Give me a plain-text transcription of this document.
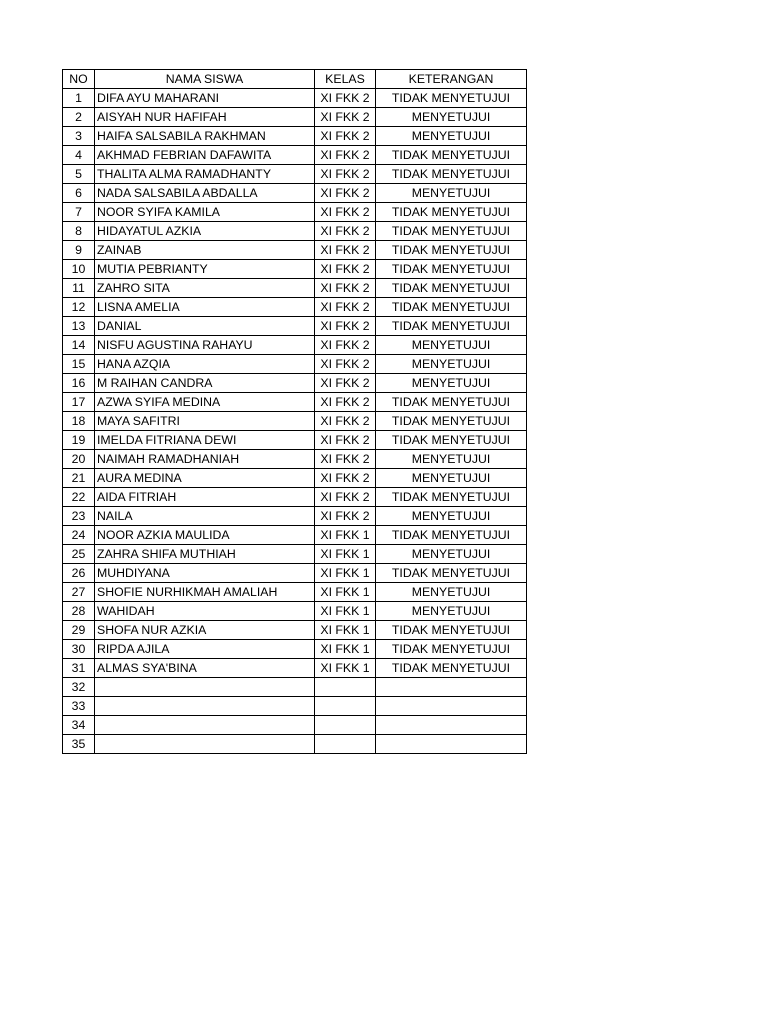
NO	NAMA SISWA	KELAS	KETERANGAN
1	DIFA AYU MAHARANI	XI FKK 2	TIDAK MENYETUJUI
2	AISYAH NUR HAFIFAH	XI FKK 2	MENYETUJUI
3	HAIFA SALSABILA RAKHMAN	XI FKK 2	MENYETUJUI
4	AKHMAD FEBRIAN DAFAWITA	XI FKK 2	TIDAK MENYETUJUI
5	THALITA ALMA RAMADHANTY	XI FKK 2	TIDAK MENYETUJUI
6	NADA SALSABILA ABDALLA	XI FKK 2	MENYETUJUI
7	NOOR SYIFA KAMILA	XI FKK 2	TIDAK MENYETUJUI
8	HIDAYATUL AZKIA	XI FKK 2	TIDAK MENYETUJUI
9	ZAINAB	XI FKK 2	TIDAK MENYETUJUI
10	MUTIA PEBRIANTY	XI FKK 2	TIDAK MENYETUJUI
11	ZAHRO SITA	XI FKK 2	TIDAK MENYETUJUI
12	LISNA AMELIA	XI FKK 2	TIDAK MENYETUJUI
13	DANIAL	XI FKK 2	TIDAK MENYETUJUI
14	NISFU AGUSTINA RAHAYU	XI FKK 2	MENYETUJUI
15	HANA AZQIA	XI FKK 2	MENYETUJUI
16	M RAIHAN CANDRA	XI FKK 2	MENYETUJUI
17	AZWA SYIFA MEDINA	XI FKK 2	TIDAK MENYETUJUI
18	MAYA SAFITRI	XI FKK 2	TIDAK MENYETUJUI
19	IMELDA FITRIANA DEWI	XI FKK 2	TIDAK MENYETUJUI
20	NAIMAH RAMADHANIAH	XI FKK 2	MENYETUJUI
21	AURA MEDINA	XI FKK 2	MENYETUJUI
22	AIDA FITRIAH	XI FKK 2	TIDAK MENYETUJUI
23	NAILA	XI FKK 2	MENYETUJUI
24	NOOR AZKIA MAULIDA	XI FKK 1	TIDAK MENYETUJUI
25	ZAHRA SHIFA MUTHIAH	XI FKK 1	MENYETUJUI
26	MUHDIYANA	XI FKK 1	TIDAK MENYETUJUI
27	SHOFIE NURHIKMAH AMALIAH	XI FKK 1	MENYETUJUI
28	WAHIDAH	XI FKK 1	MENYETUJUI
29	SHOFA NUR AZKIA	XI FKK 1	TIDAK MENYETUJUI
30	RIPDA AJILA	XI FKK 1	TIDAK MENYETUJUI
31	ALMAS SYA'BINA	XI FKK 1	TIDAK MENYETUJUI
32			
33			
34			
35			
